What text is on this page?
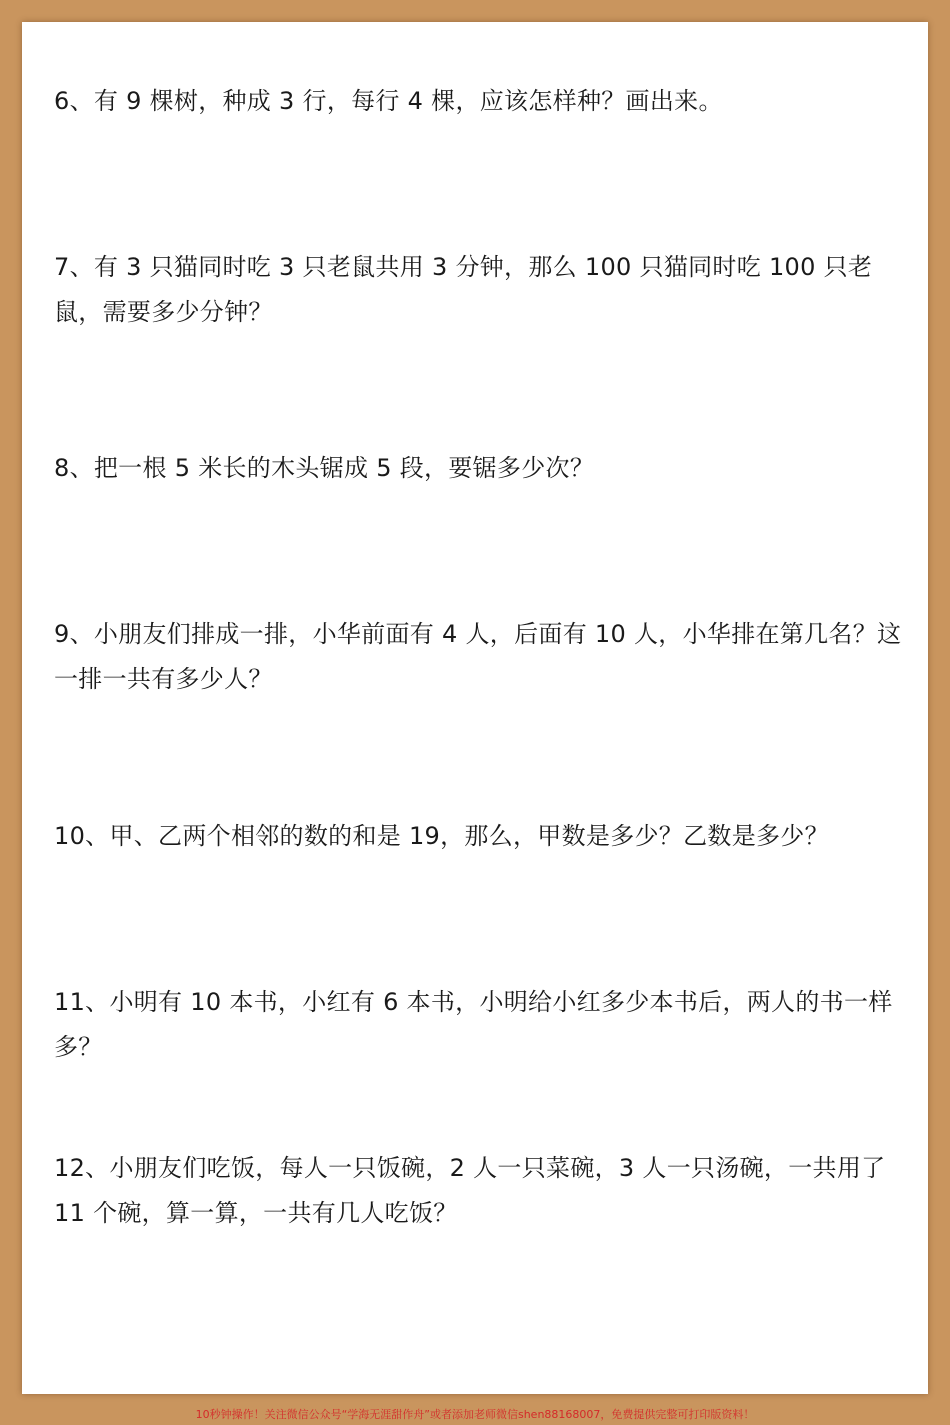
6、有 9 棵树，种成 3 行，每行 4 棵，应该怎样种？画出来。

7、有 3 只猫同时吃 3 只老鼠共用 3 分钟，那么 100 只猫同时吃 100 只老鼠，需要多少分钟？

8、把一根 5 米长的木头锯成 5 段，要锯多少次？

9、小朋友们排成一排，小华前面有 4 人，后面有 10 人，小华排在第几名？这一排一共有多少人？

10、甲、乙两个相邻的数的和是 19，那么，甲数是多少？乙数是多少？

11、小明有 10 本书，小红有 6 本书，小明给小红多少本书后，两人的书一样多？

12、小朋友们吃饭，每人一只饭碗，2 人一只菜碗，3 人一只汤碗，一共用了 11 个碗，算一算，一共有几人吃饭？

10秒钟操作！关注微信公众号“学海无涯甜作舟”或者添加老师微信shen88168007，免费提供完整可打印版资料！
